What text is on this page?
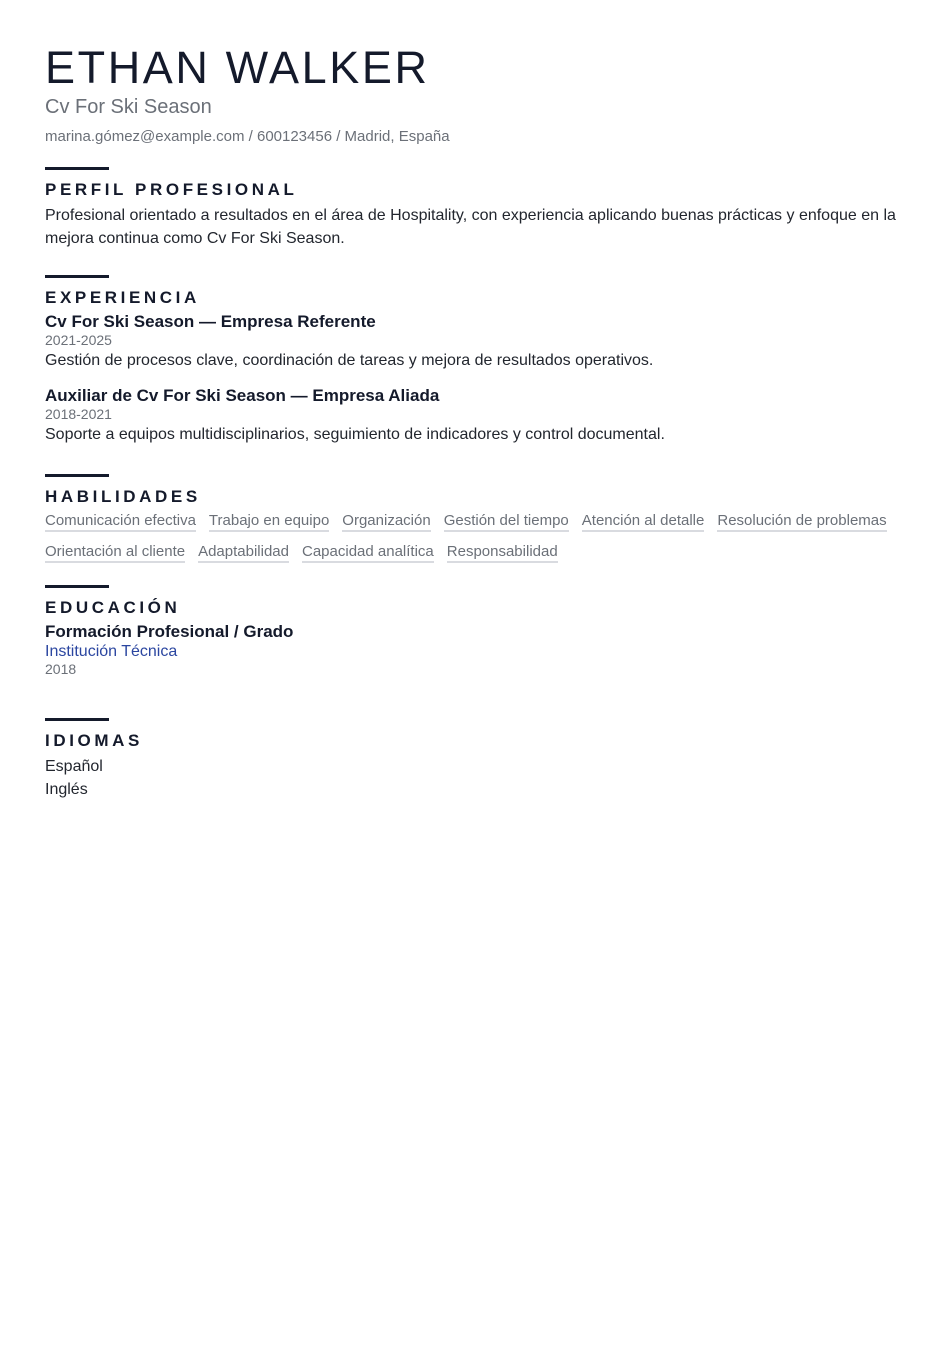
ETHAN WALKER
Cv For Ski Season
marina.gómez@example.com / 600123456 / Madrid, España
PERFIL PROFESIONAL

Profesional orientado a resultados en el área de Hospitality, con experiencia aplicando buenas prácticas y enfoque en la mejora continua como Cv For Ski Season.

EXPERIENCIA
Cv For Ski Season — Empresa Referente
2021-2025

Gestión de procesos clave, coordinación de tareas y mejora de resultados operativos.

Auxiliar de Cv For Ski Season — Empresa Aliada
2018-2021

Soporte a equipos multidisciplinarios, seguimiento de indicadores y control documental.

HABILIDADES
Comunicación efectiva Trabajo en equipo Organización Gestión del tiempo Atención al detalle Resolución de problemas
Orientación al cliente Adaptabilidad Capacidad analítica Responsabilidad
EDUCACIÓN
Formación Profesional / Grado
Institución Técnica
2018
IDIOMAS
Español
Inglés
